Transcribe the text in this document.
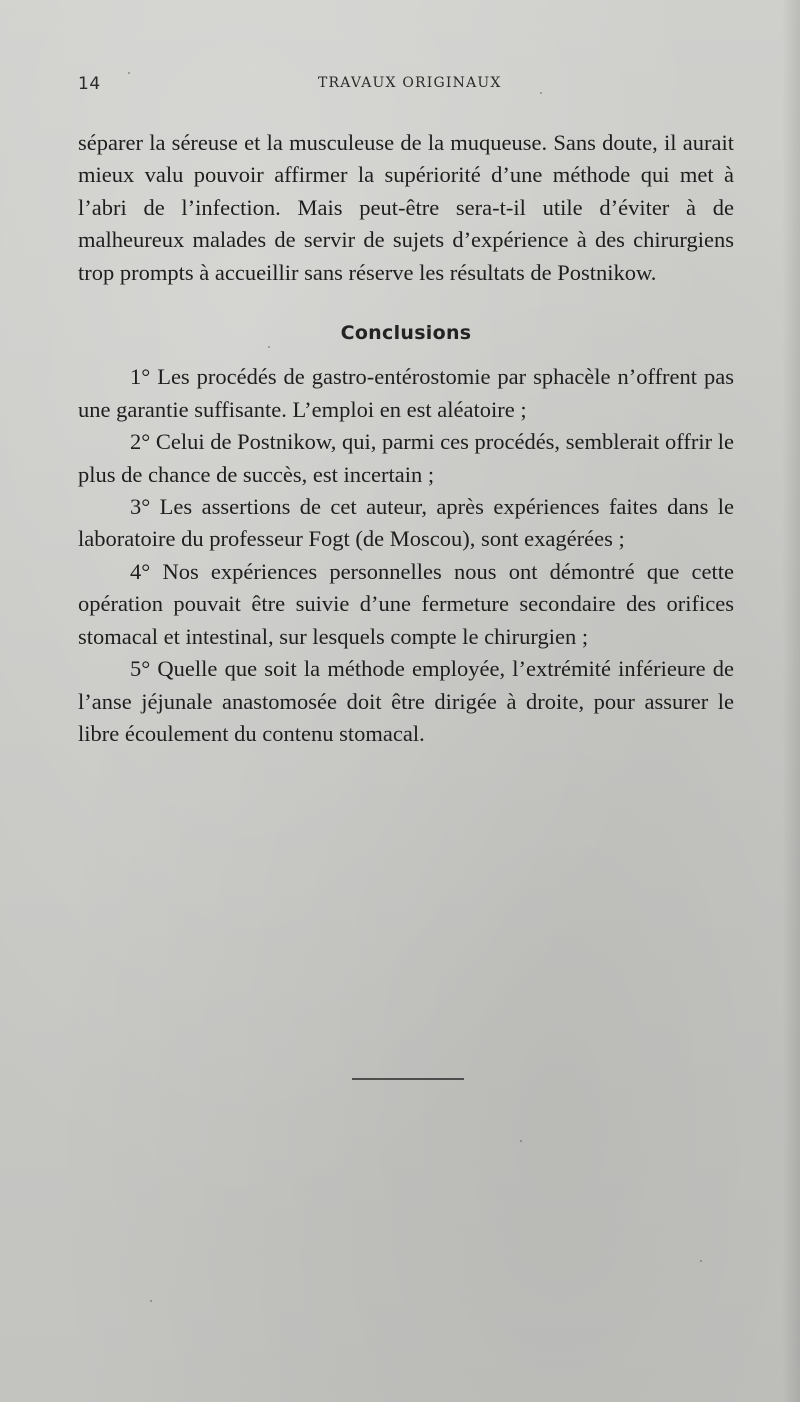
14	TRAVAUX ORIGINAUX

séparer la séreuse et la musculeuse de la muqueuse. Sans doute, il aurait mieux valu pouvoir affirmer la supériorité d’une méthode qui met à l’abri de l’infection. Mais peut-être sera-t-il utile d’éviter à de malheureux malades de servir de sujets d’expérience à des chirurgiens trop prompts à accueillir sans réserve les résultats de Postnikow.

Conclusions

1° Les procédés de gastro-entérostomie par sphacèle n’offrent pas une garantie suffisante. L’emploi en est aléatoire ;

2° Celui de Postnikow, qui, parmi ces procédés, semblerait offrir le plus de chance de succès, est incertain ;

3° Les assertions de cet auteur, après expériences faites dans le laboratoire du professeur Fogt (de Moscou), sont exagérées ;

4° Nos expériences personnelles nous ont démontré que cette opération pouvait être suivie d’une fermeture secondaire des orifices stomacal et intestinal, sur lesquels compte le chirurgien ;

5° Quelle que soit la méthode employée, l’extrémité inférieure de l’anse jéjunale anastomosée doit être dirigée à droite, pour assurer le libre écoulement du contenu stomacal.
